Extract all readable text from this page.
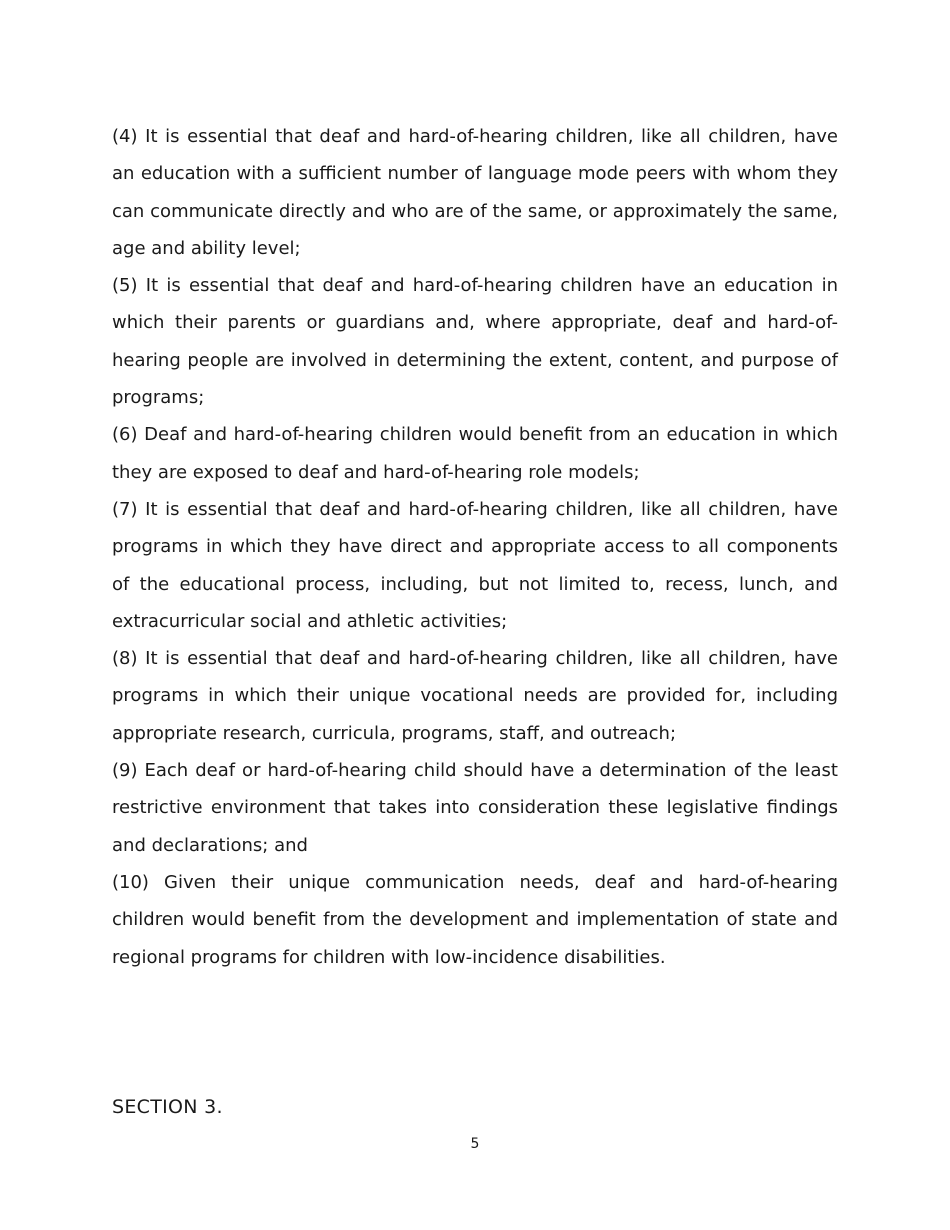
(4) It is essential that deaf and hard-of-hearing children, like all children, have an education with a sufficient number of language mode peers with whom they can communicate directly and who are of the same, or approximately the same, age and ability level;

(5) It is essential that deaf and hard-of-hearing children have an education in which their parents or guardians and, where appropriate, deaf and hard-of-hearing people are involved in determining the extent, content, and purpose of programs;

(6) Deaf and hard-of-hearing children would benefit from an education in which they are exposed to deaf and hard-of-hearing role models;

(7) It is essential that deaf and hard-of-hearing children, like all children, have programs in which they have direct and appropriate access to all components of the educational process, including, but not limited to, recess, lunch, and extracurricular social and athletic activities;

(8) It is essential that deaf and hard-of-hearing children, like all children, have programs in which their unique vocational needs are provided for, including appropriate research, curricula, programs, staff, and outreach;

(9) Each deaf or hard-of-hearing child should have a determination of the least restrictive environment that takes into consideration these legislative findings and declarations; and

(10) Given their unique communication needs, deaf and hard-of-hearing children would benefit from the development and implementation of state and regional programs for children with low-incidence disabilities.

SECTION 3.

5
